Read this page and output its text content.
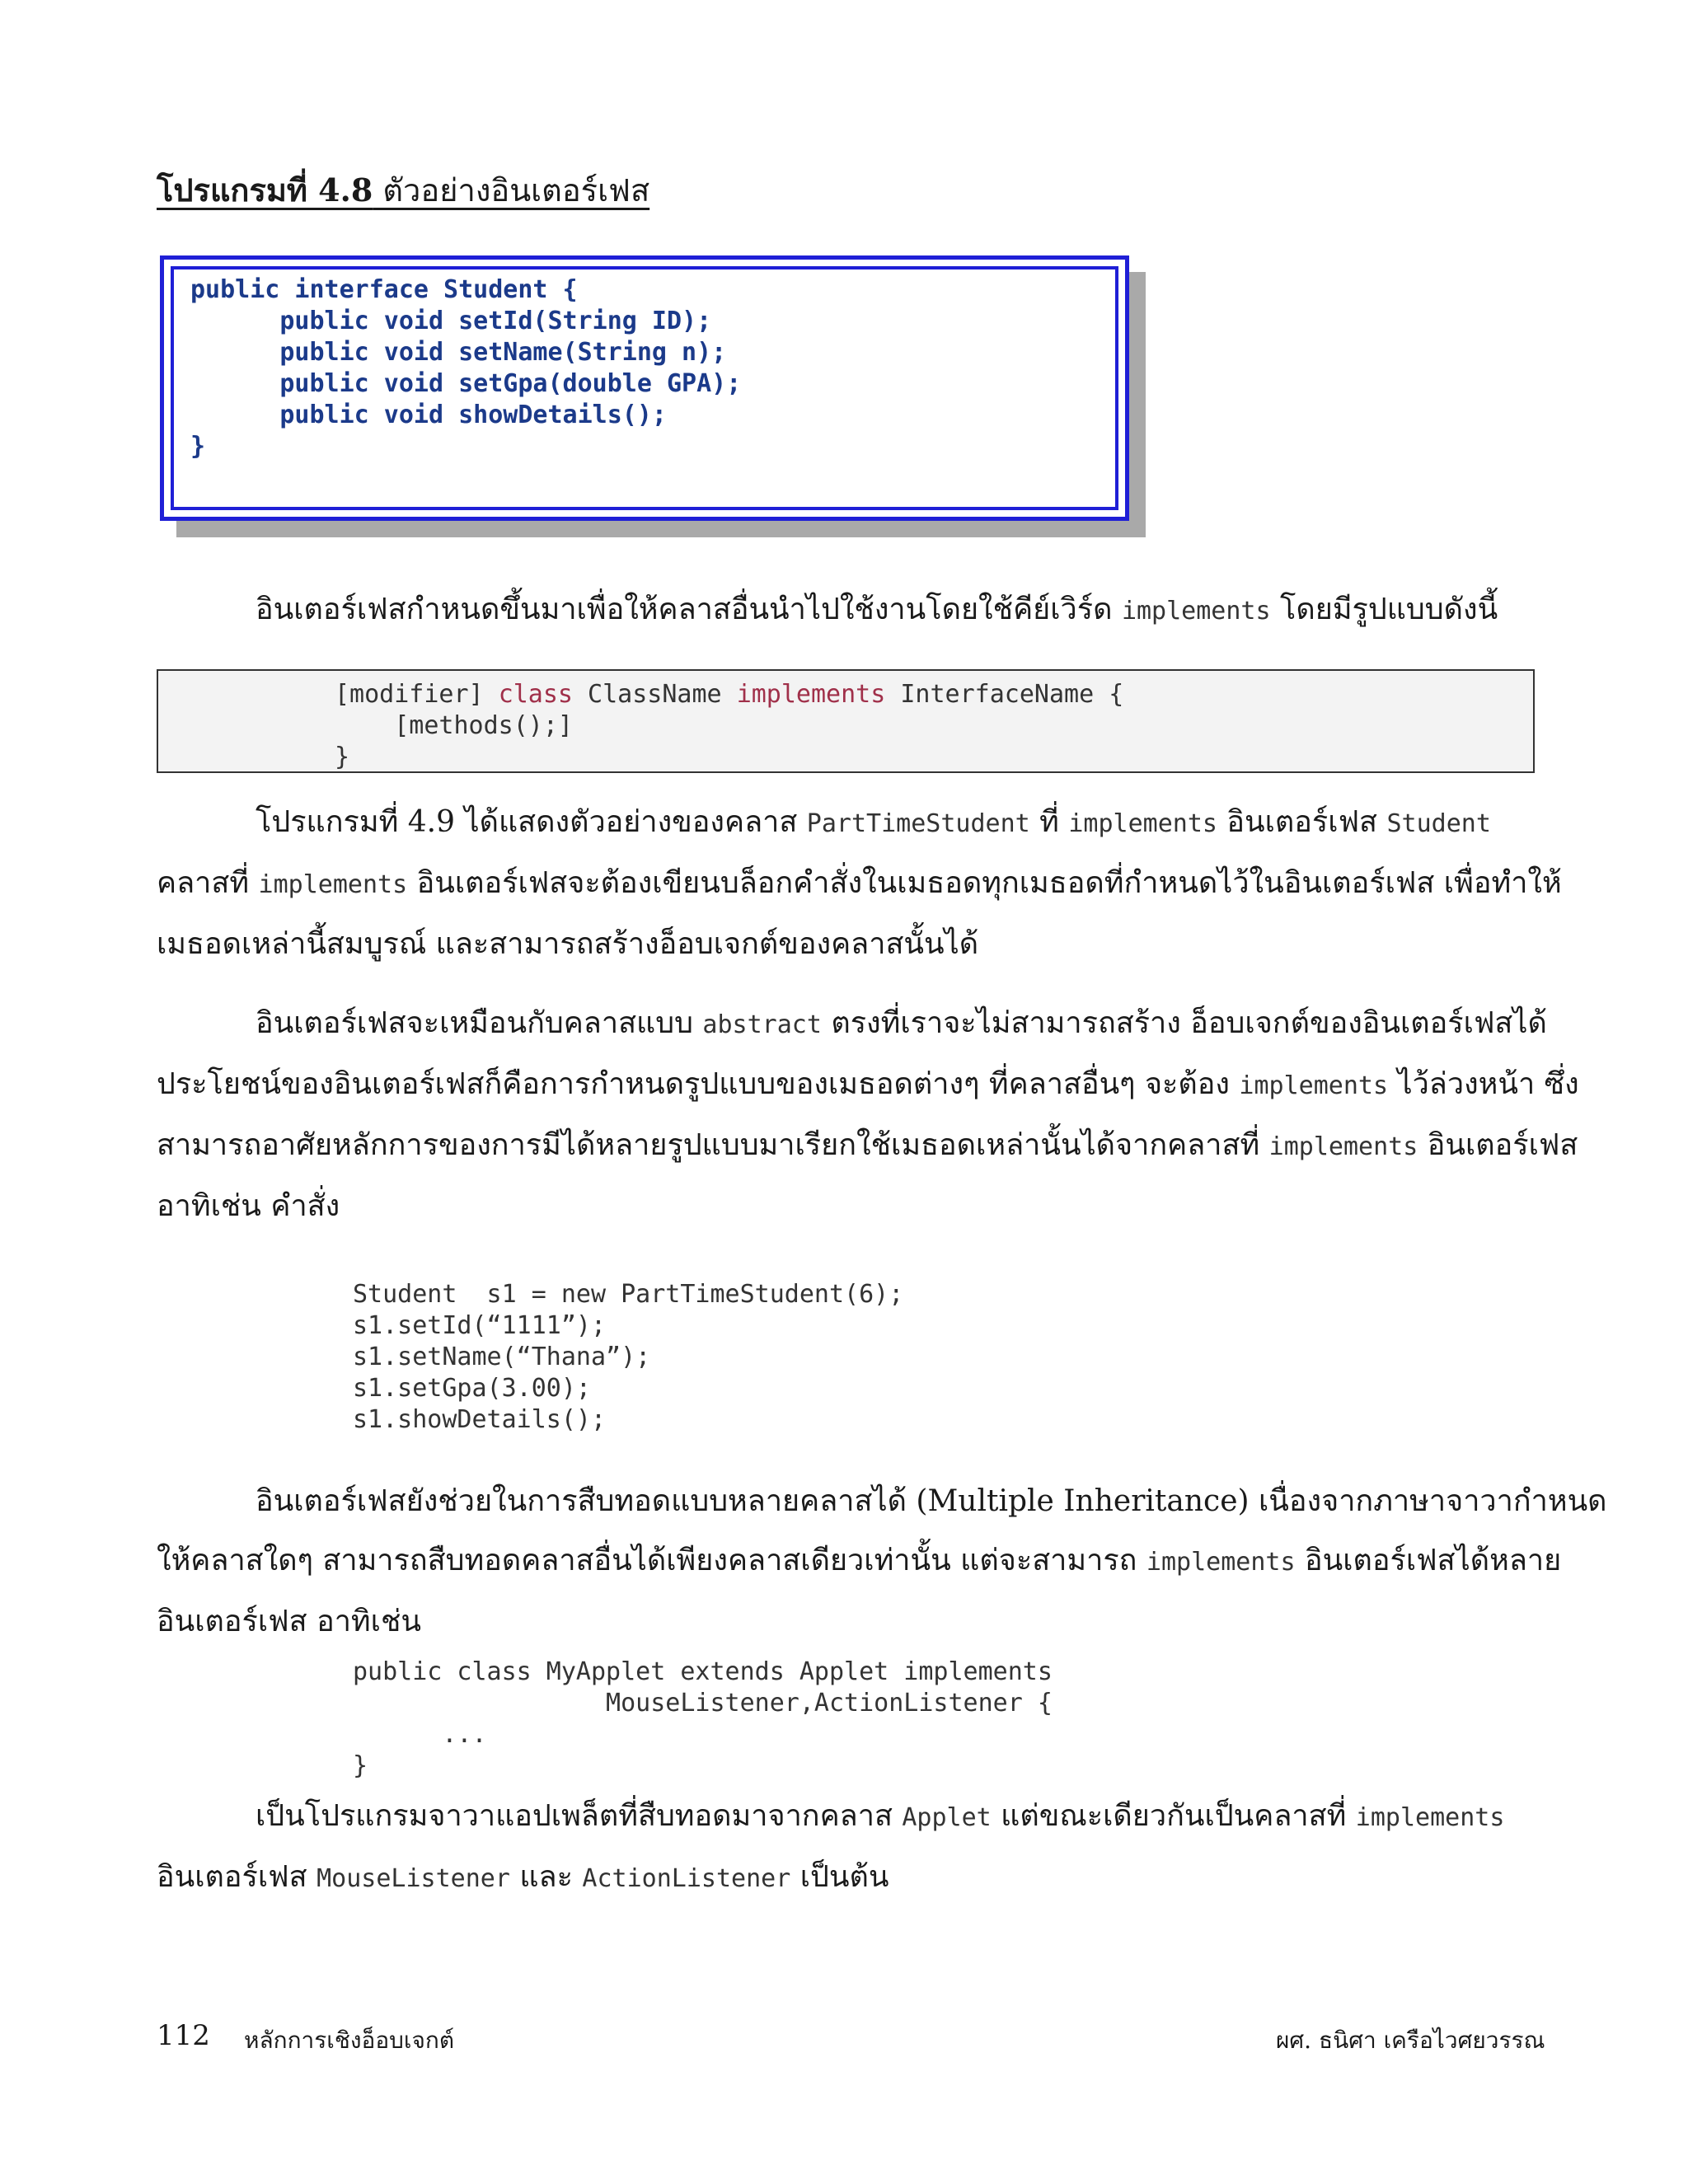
โปรแกรมที่ 4.8 ตัวอย่างอินเตอร์เฟส
public interface Student {
public void setId(String ID);
public void setName(String n);
public void setGpa(double GPA);
public void showDetails();
}
อินเตอร์เฟสกำหนดขึ้นมาเพื่อให้คลาสอื่นนำไปใช้งานโดยใช้คีย์เวิร์ด implements โดยมีรูปแบบดังนี้
[modifier] class ClassName implements InterfaceName {
[methods();]
}
โปรแกรมที่ 4.9 ได้แสดงตัวอย่างของคลาส PartTimeStudent ที่ implements อินเตอร์เฟส Student
คลาสที่ implements อินเตอร์เฟสจะต้องเขียนบล็อกคำสั่งในเมธอดทุกเมธอดที่กำหนดไว้ในอินเตอร์เฟส เพื่อทำให้
เมธอดเหล่านี้สมบูรณ์ และสามารถสร้างอ็อบเจกต์ของคลาสนั้นได้
อินเตอร์เฟสจะเหมือนกับคลาสแบบ abstract ตรงที่เราจะไม่สามารถสร้าง อ็อบเจกต์ของอินเตอร์เฟสได้
ประโยชน์ของอินเตอร์เฟสก็คือการกำหนดรูปแบบของเมธอดต่างๆ ที่คลาสอื่นๆ จะต้อง implements ไว้ล่วงหน้า ซึ่ง
สามารถอาศัยหลักการของการมีได้หลายรูปแบบมาเรียกใช้เมธอดเหล่านั้นได้จากคลาสที่ implements อินเตอร์เฟส
อาทิเช่น คำสั่ง
Student  s1 = new PartTimeStudent(6);
s1.setId(“1111”);
s1.setName(“Thana”);
s1.setGpa(3.00);
s1.showDetails();
อินเตอร์เฟสยังช่วยในการสืบทอดแบบหลายคลาสได้ (Multiple Inheritance) เนื่องจากภาษาจาวากำหนด
ให้คลาสใดๆ สามารถสืบทอดคลาสอื่นได้เพียงคลาสเดียวเท่านั้น แต่จะสามารถ implements อินเตอร์เฟสได้หลาย
อินเตอร์เฟส อาทิเช่น
public class MyApplet extends Applet implements
MouseListener,ActionListener {
...
}
เป็นโปรแกรมจาวาแอปเพล็ตที่สืบทอดมาจากคลาส Applet แต่ขณะเดียวกันเป็นคลาสที่ implements
อินเตอร์เฟส MouseListener และ ActionListener เป็นต้น
112 หลักการเชิงอ็อบเจกต์	ผศ. ธนิศา เครือไวศยวรรณ
